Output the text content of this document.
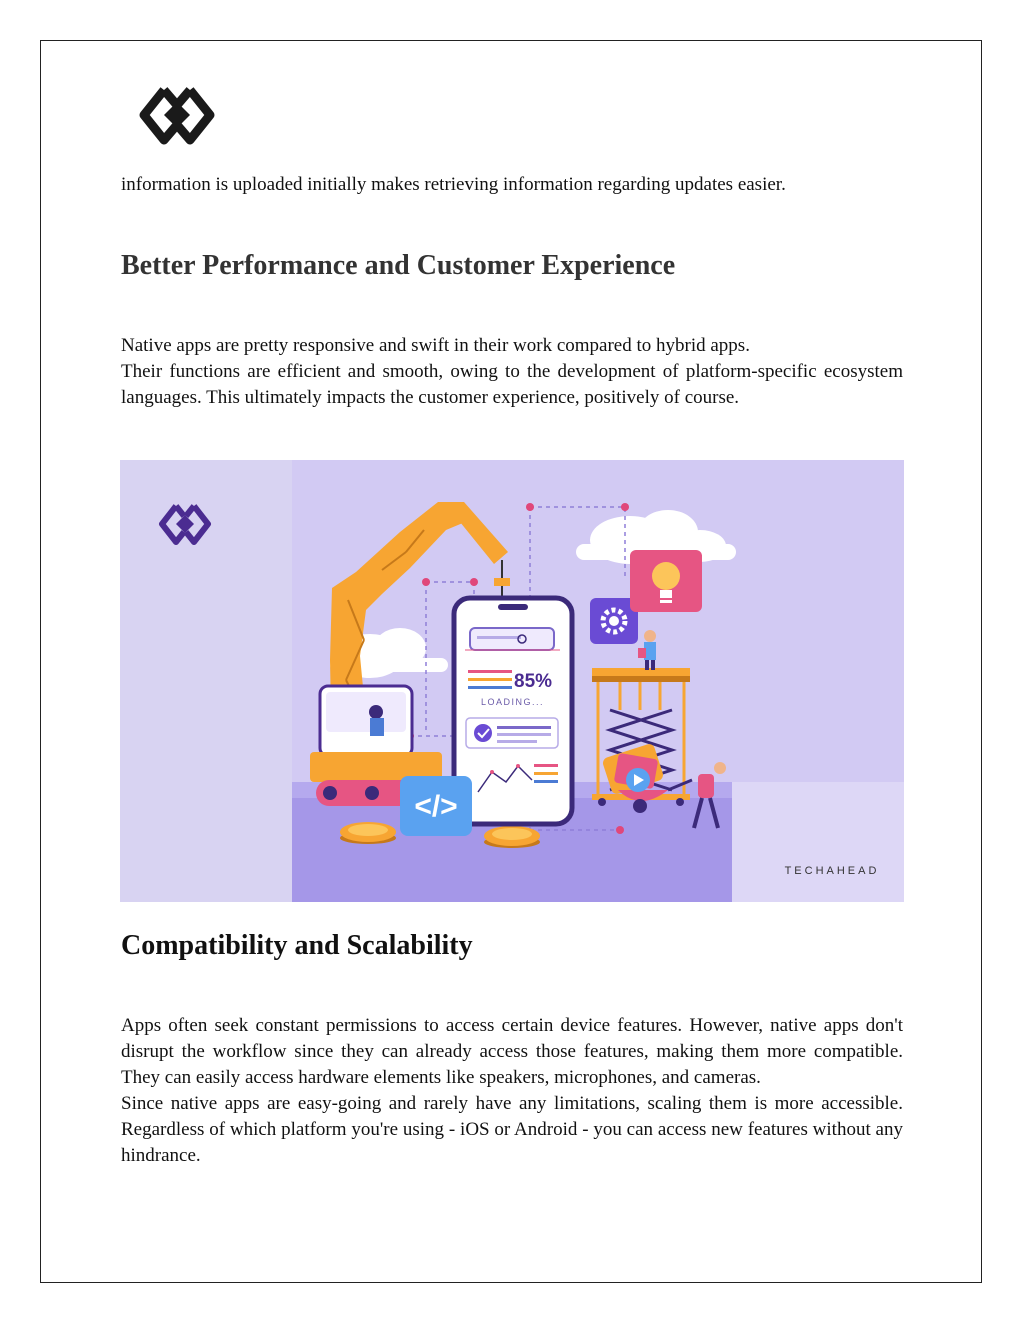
information is uploaded initially makes retrieving information regarding updates easier.

Better Performance and Customer Experience

Native apps are pretty responsive and swift in their work compared to hybrid apps.

Their functions are efficient and smooth, owing to the development of platform-specific ecosystem languages. This ultimately impacts the customer experience, positively of course.

85%
LOADING...
</>
TECHAHEAD
Compatibility and Scalability

Apps often seek constant permissions to access certain device features. However, native apps don't disrupt the workflow since they can already access those features, making them more compatible. They can easily access hardware elements like speakers, microphones, and cameras.

Since native apps are easy-going and rarely have any limitations, scaling them is more accessible. Regardless of which platform you're using - iOS or Android - you can access new features without any hindrance.
